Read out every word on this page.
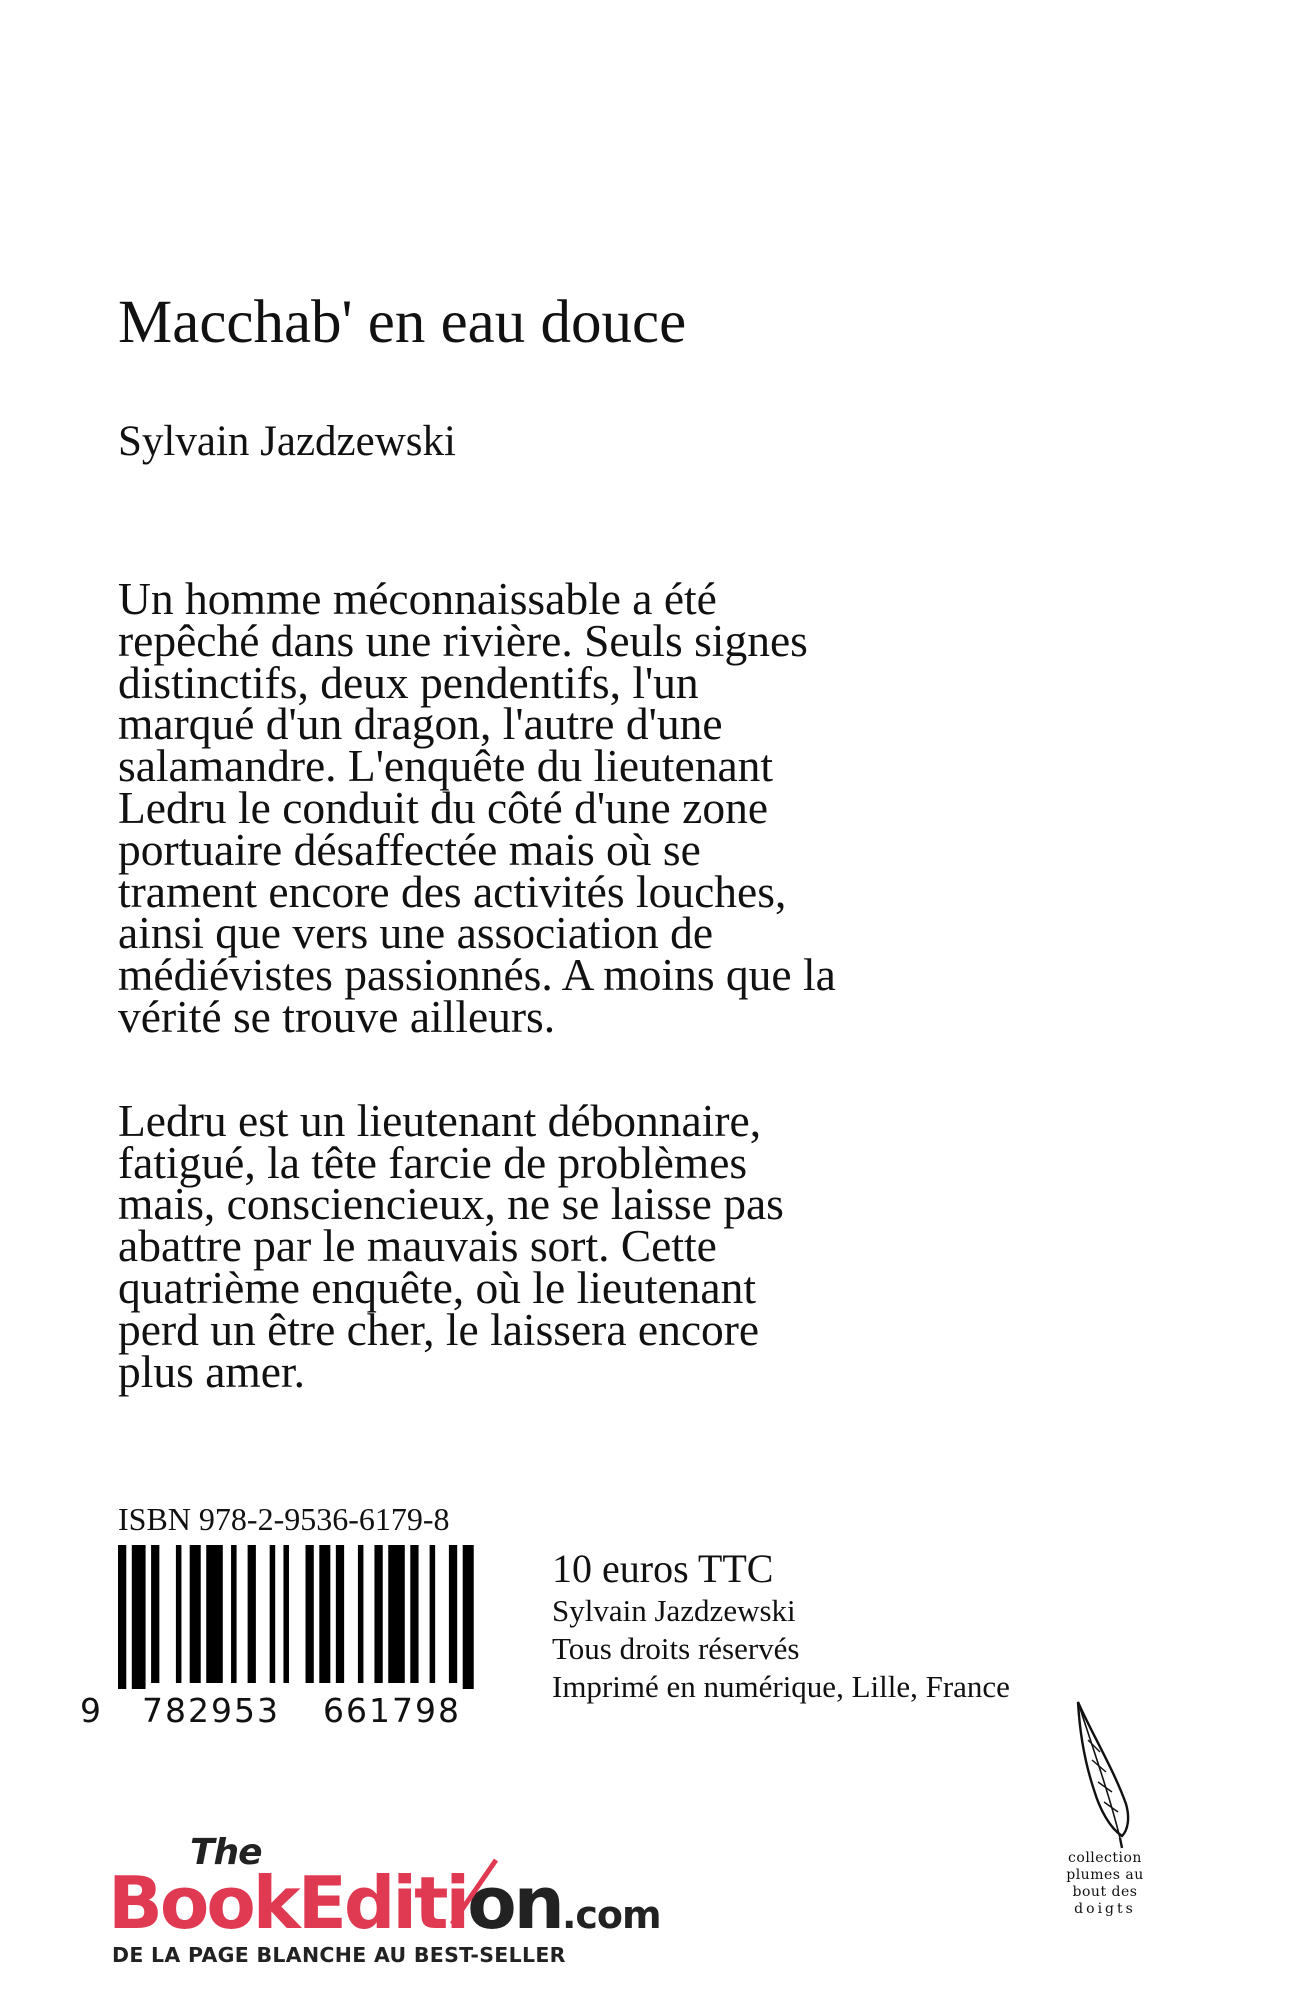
Macchab' en eau douce
Sylvain Jazdzewski
Un homme méconnaissable a été
repêché dans une rivière. Seuls signes
distinctifs, deux pendentifs, l'un
marqué d'un dragon, l'autre d'une
salamandre. L'enquête du lieutenant
Ledru le conduit du côté d'une zone
portuaire désaffectée mais où se
trament encore des activités louches,
ainsi que vers une association de
médiévistes passionnés. A moins que la
vérité se trouve ailleurs.
Ledru est un lieutenant débonnaire,
fatigué, la tête farcie de problèmes
mais, consciencieux, ne se laisse pas
abattre par le mauvais sort. Cette
quatrième enquête, où le lieutenant
perd un être cher, le laissera encore
plus amer.
ISBN 978-2-9536-6179-8
9 782953 661798
10 euros TTC
Sylvain Jazdzewski
Tous droits réservés
Imprimé en numérique, Lille, France
The
BookEdition.com
DE LA PAGE BLANCHE AU BEST-SELLER
collection
plumes au
bout des
doigts
